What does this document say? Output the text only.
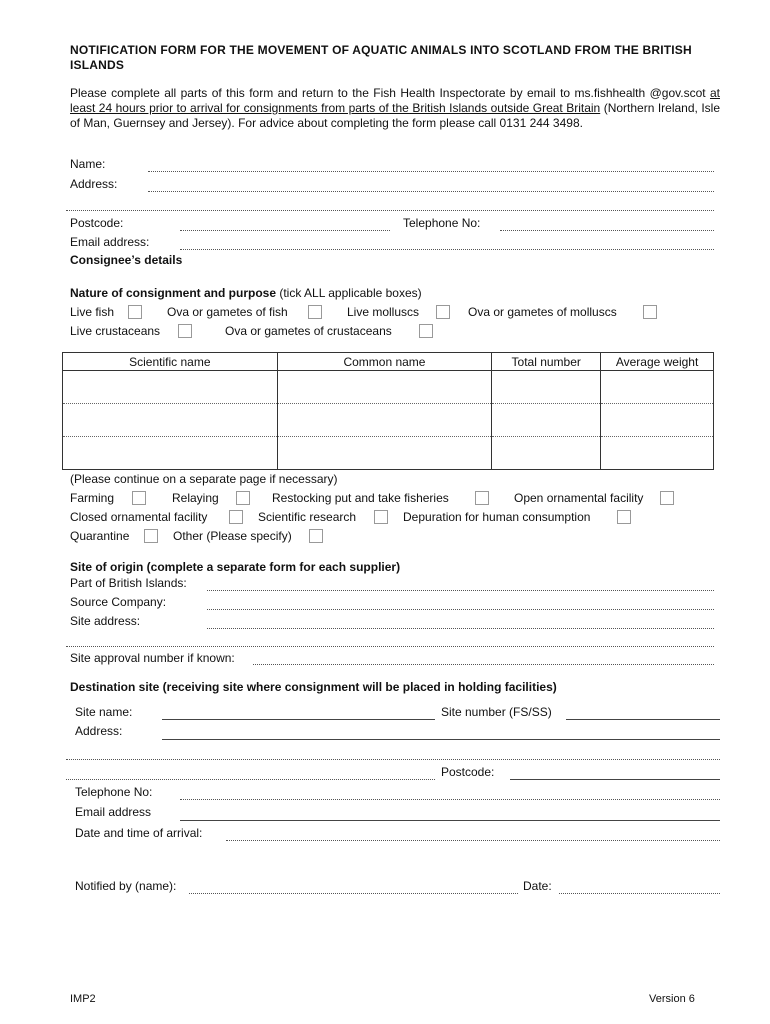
NOTIFICATION FORM FOR THE MOVEMENT OF AQUATIC ANIMALS INTO SCOTLAND FROM THE BRITISH ISLANDS
Please complete all parts of this form and return to the Fish Health Inspectorate by email to ms.fishhealth @gov.scot at least 24 hours prior to arrival for consignments from parts of the British Islands outside Great Britain (Northern Ireland, Isle of Man, Guernsey and Jersey). For advice about completing the form please call 0131 244 3498.
Name:
Address:
Postcode:	Telephone No:
Email address:
Consignee’s details
Nature of consignment and purpose (tick ALL applicable boxes)
Live fish	Ova or gametes of fish	Live molluscs	Ova or gametes of molluscs
Live crustaceans	Ova or gametes of crustaceans
Scientific name	Common name	Total number	Average weight

(Please continue on a separate page if necessary)
Farming	Relaying	Restocking put and take fisheries	Open ornamental facility
Closed ornamental facility	Scientific research	Depuration for human consumption
Quarantine	Other (Please specify)
Site of origin (complete a separate form for each supplier)
Part of British Islands:
Source Company:
Site address:
Site approval number if known:
Destination site (receiving site where consignment will be placed in holding facilities)
Site name:	Site number (FS/SS)
Address:
Postcode:
Telephone No:
Email address
Date and time of arrival:
Notified by (name):	Date:
IMP2	Version 6
